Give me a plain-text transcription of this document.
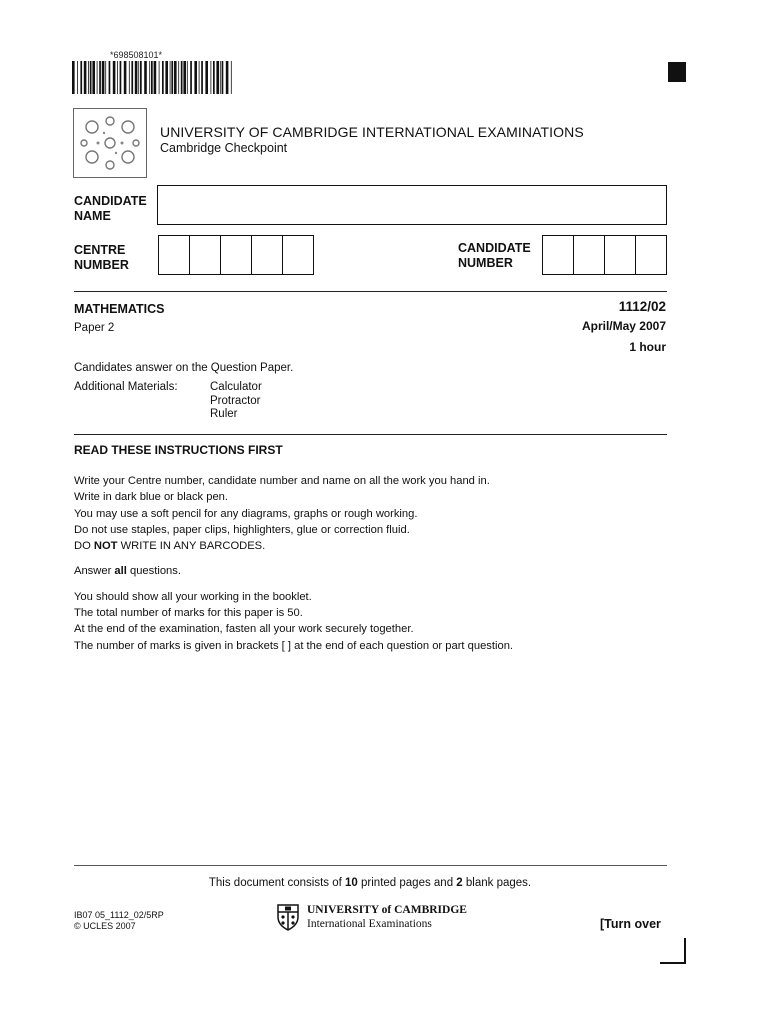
*698508101*
UNIVERSITY OF CAMBRIDGE INTERNATIONAL EXAMINATIONS
Cambridge Checkpoint
CANDIDATE
NAME
CENTRE
NUMBER
CANDIDATE
NUMBER
MATHEMATICS
Paper 2
1112/02
April/May 2007
1 hour
Candidates answer on the Question Paper.
Additional Materials:	Calculator
Protractor
Ruler
READ THESE INSTRUCTIONS FIRST

Write your Centre number, candidate number and name on all the work you hand in.

Write in dark blue or black pen.

You may use a soft pencil for any diagrams, graphs or rough working.

Do not use staples, paper clips, highlighters, glue or correction fluid.

DO NOT WRITE IN ANY BARCODES.

Answer all questions.

You should show all your working in the booklet.

The total number of marks for this paper is 50.

At the end of the examination, fasten all your work securely together.

The number of marks is given in brackets [ ] at the end of each question or part question.

This document consists of 10 printed pages and 2 blank pages.
IB07 05_1112_02/5RP
© UCLES 2007
UNIVERSITY of CAMBRIDGE
International Examinations	[Turn over
